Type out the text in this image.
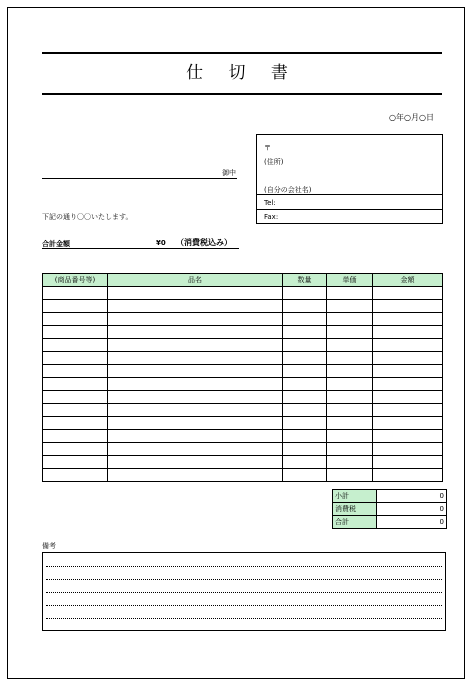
仕 切 書
○年○月○日
御中
〒
(住所)
(自分の会社名)
Tel:
Fax:
下記の通り〇〇いたします。
合計金額	¥0 （消費税込み）
(商品番号等)	品名	数量	単価	金額

小計	0
消費税	0
合計	0
備考
